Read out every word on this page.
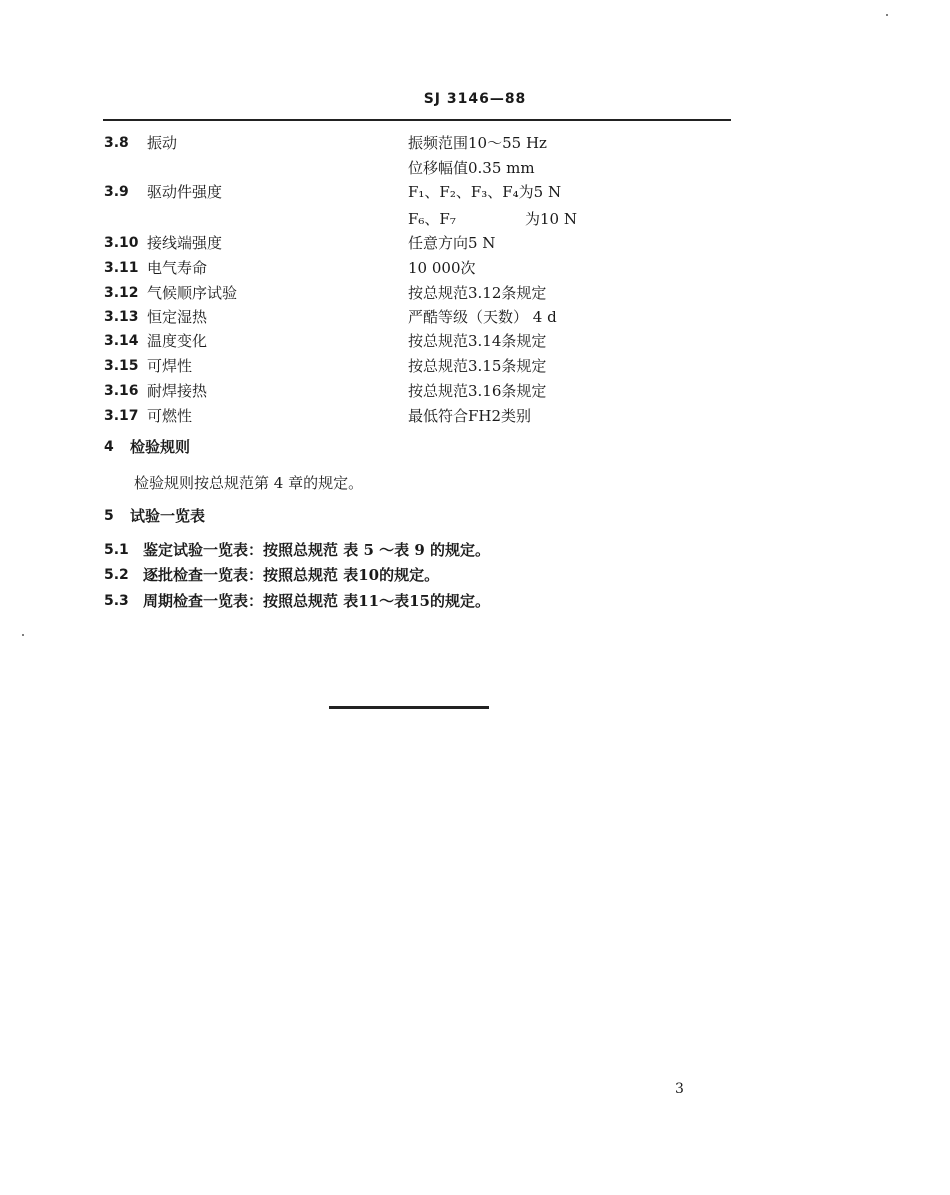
SJ 3146—88
3.8 振动	振频范围10～55 Hz
位移幅值0.35 mm
3.9 驱动件强度	F₁、F₂、F₃、F₄为5 N
F₆、F₇	为10 N
3.10 接线端强度	任意方向5 N
3.11 电气寿命	10 000次
3.12 气候顺序试验	按总规范3.12条规定
3.13 恒定湿热	严酷等级（天数） 4 d
3.14 温度变化	按总规范3.14条规定
3.15 可焊性	按总规范3.15条规定
3.16 耐焊接热	按总规范3.16条规定
3.17 可燃性	最低符合FH2类别
4 检验规则
检验规则按总规范第 4 章的规定。
5 试验一览表
5.1 鉴定试验一览表：按照总规范 表 5 ～表 9 的规定。
5.2 逐批检查一览表：按照总规范 表10的规定。
5.3 周期检查一览表：按照总规范 表11～表15的规定。
3
